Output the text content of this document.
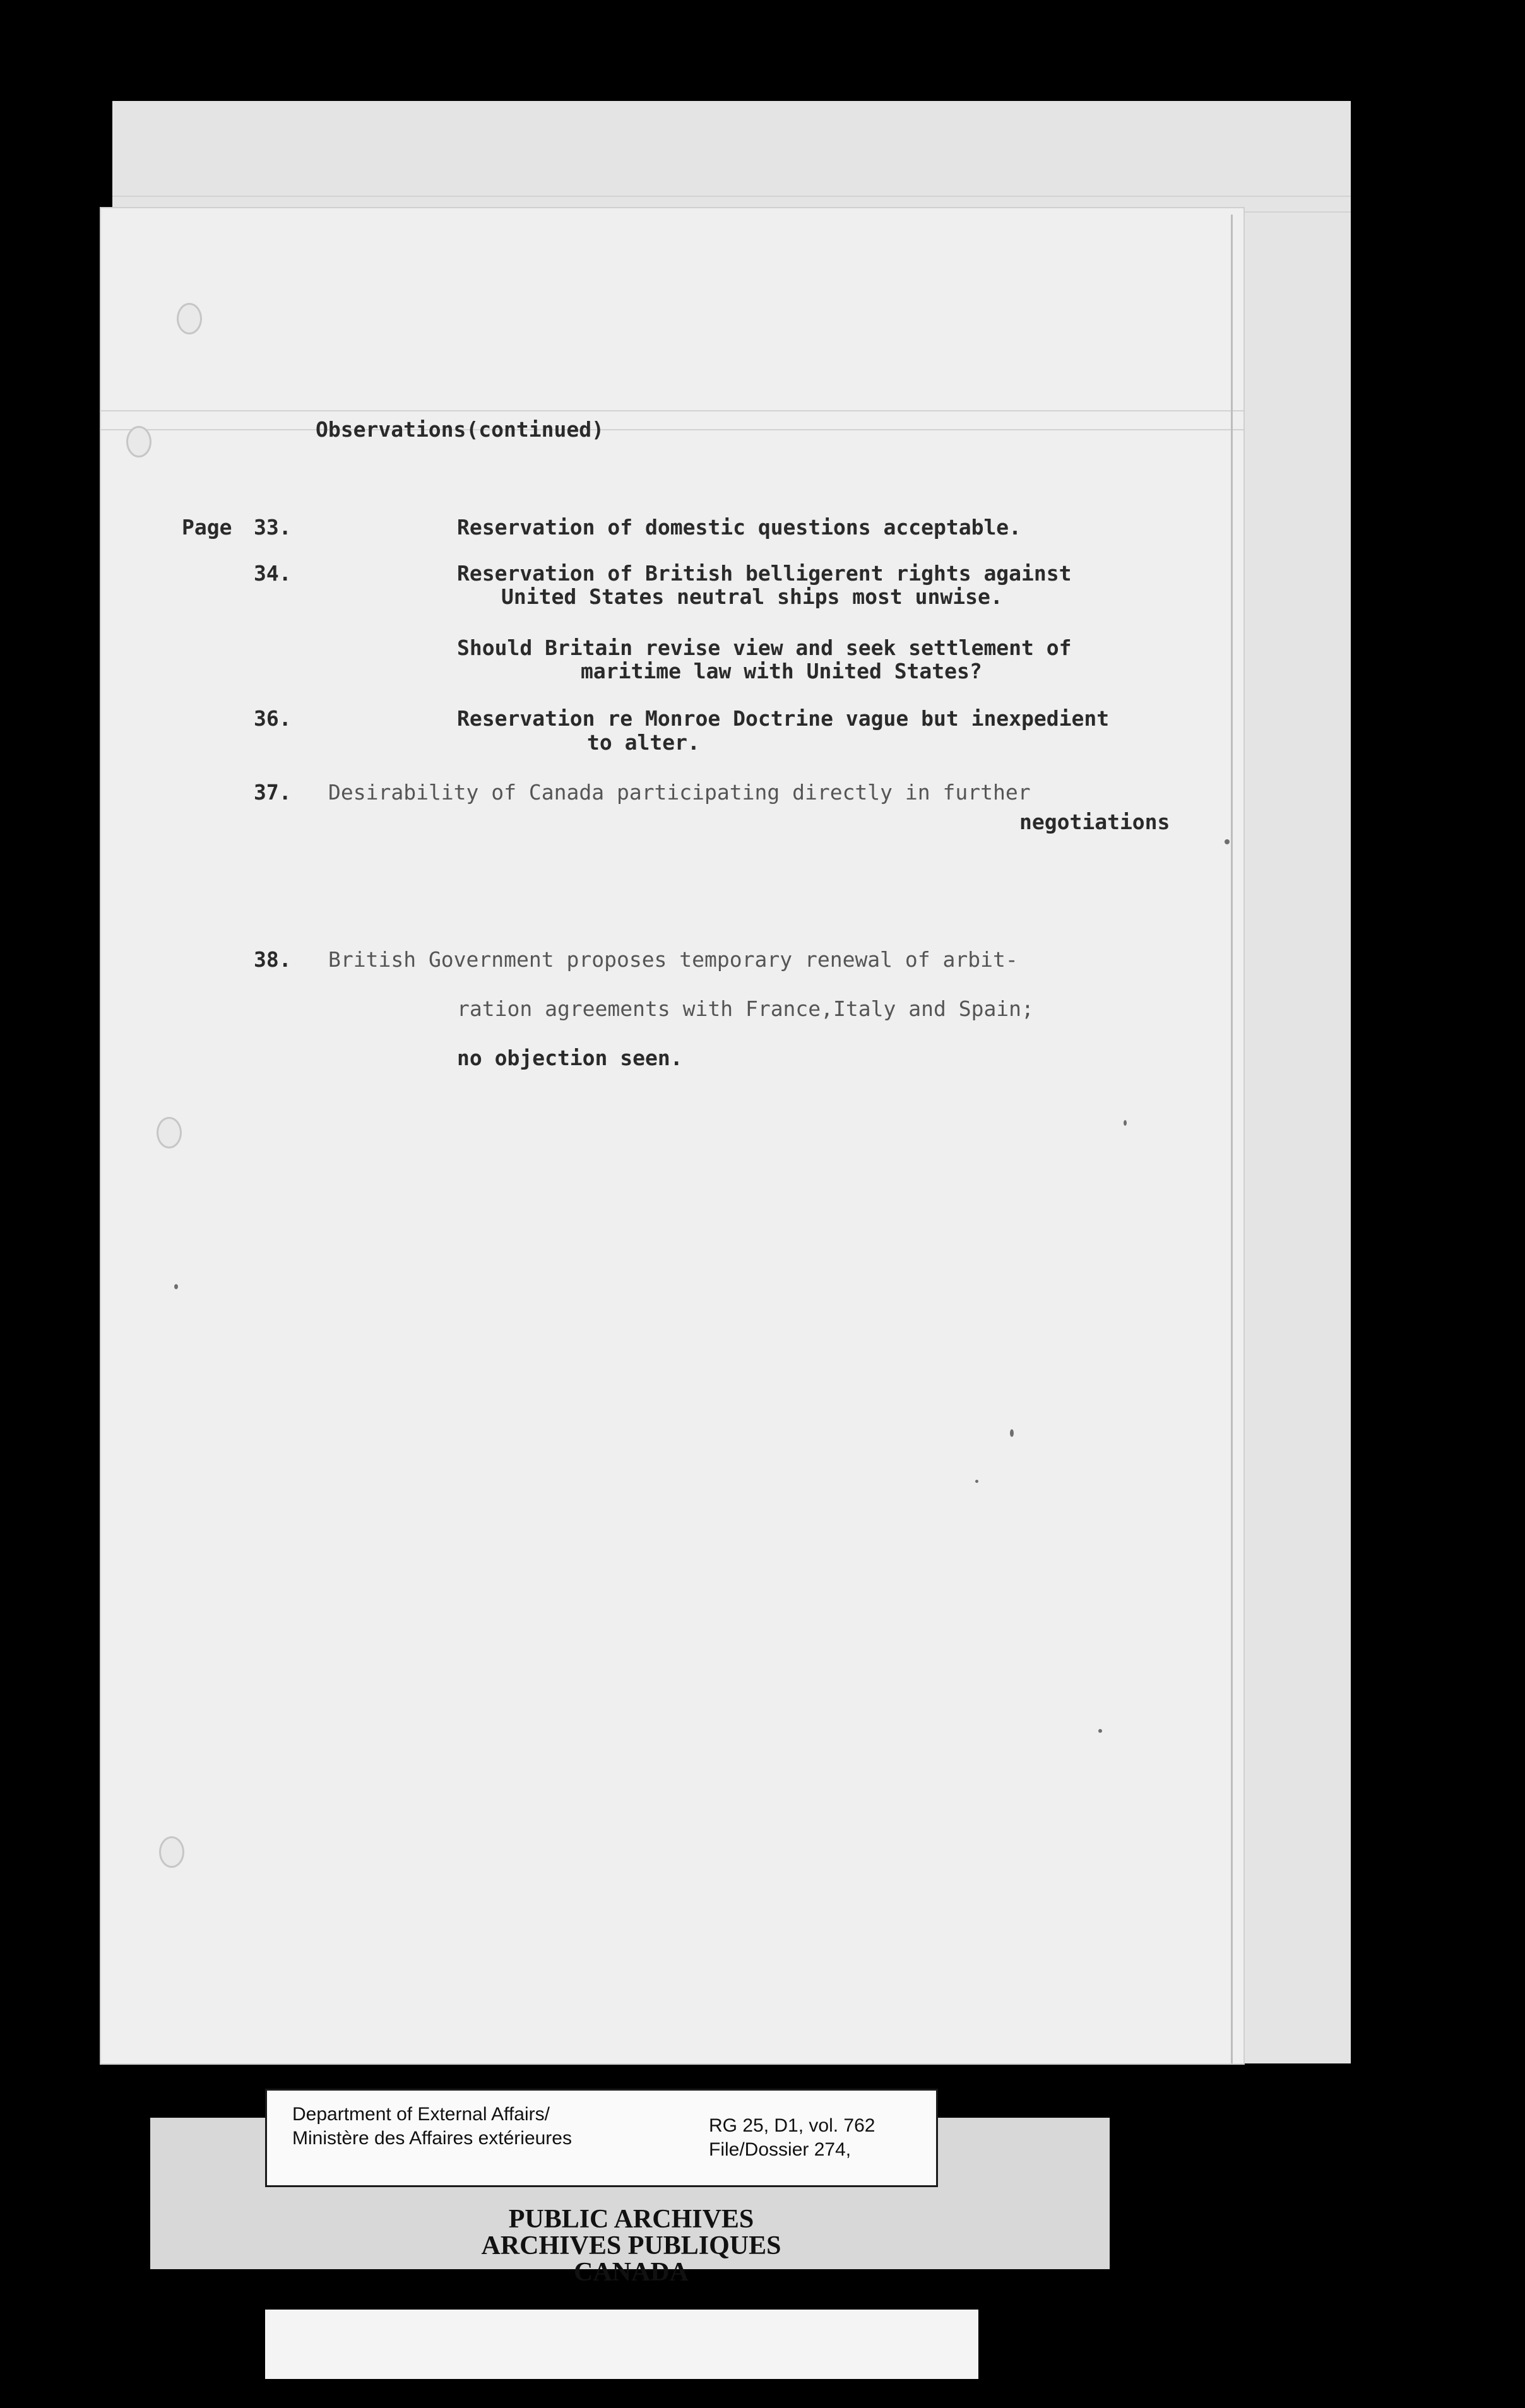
Observations(continued)

Page 33.	Reservation of domestic questions acceptable.

34.	Reservation of British belligerent rights against

United States neutral ships most unwise.

Should Britain revise view and seek settlement of

maritime law with United States?

36.	Reservation re Monroe Doctrine vague but inexpedient

to alter.

37. Desirability of Canada participating directly in further

negotiations

38. British Government proposes temporary renewal of arbit-

ration agreements with France,Italy and Spain;

no objection seen.

Department of External Affairs/
Ministère des Affaires extérieures
RG 25, D1, vol. 762
File/Dossier 274,
PUBLIC ARCHIVES
ARCHIVES PUBLIQUES
CANADA
